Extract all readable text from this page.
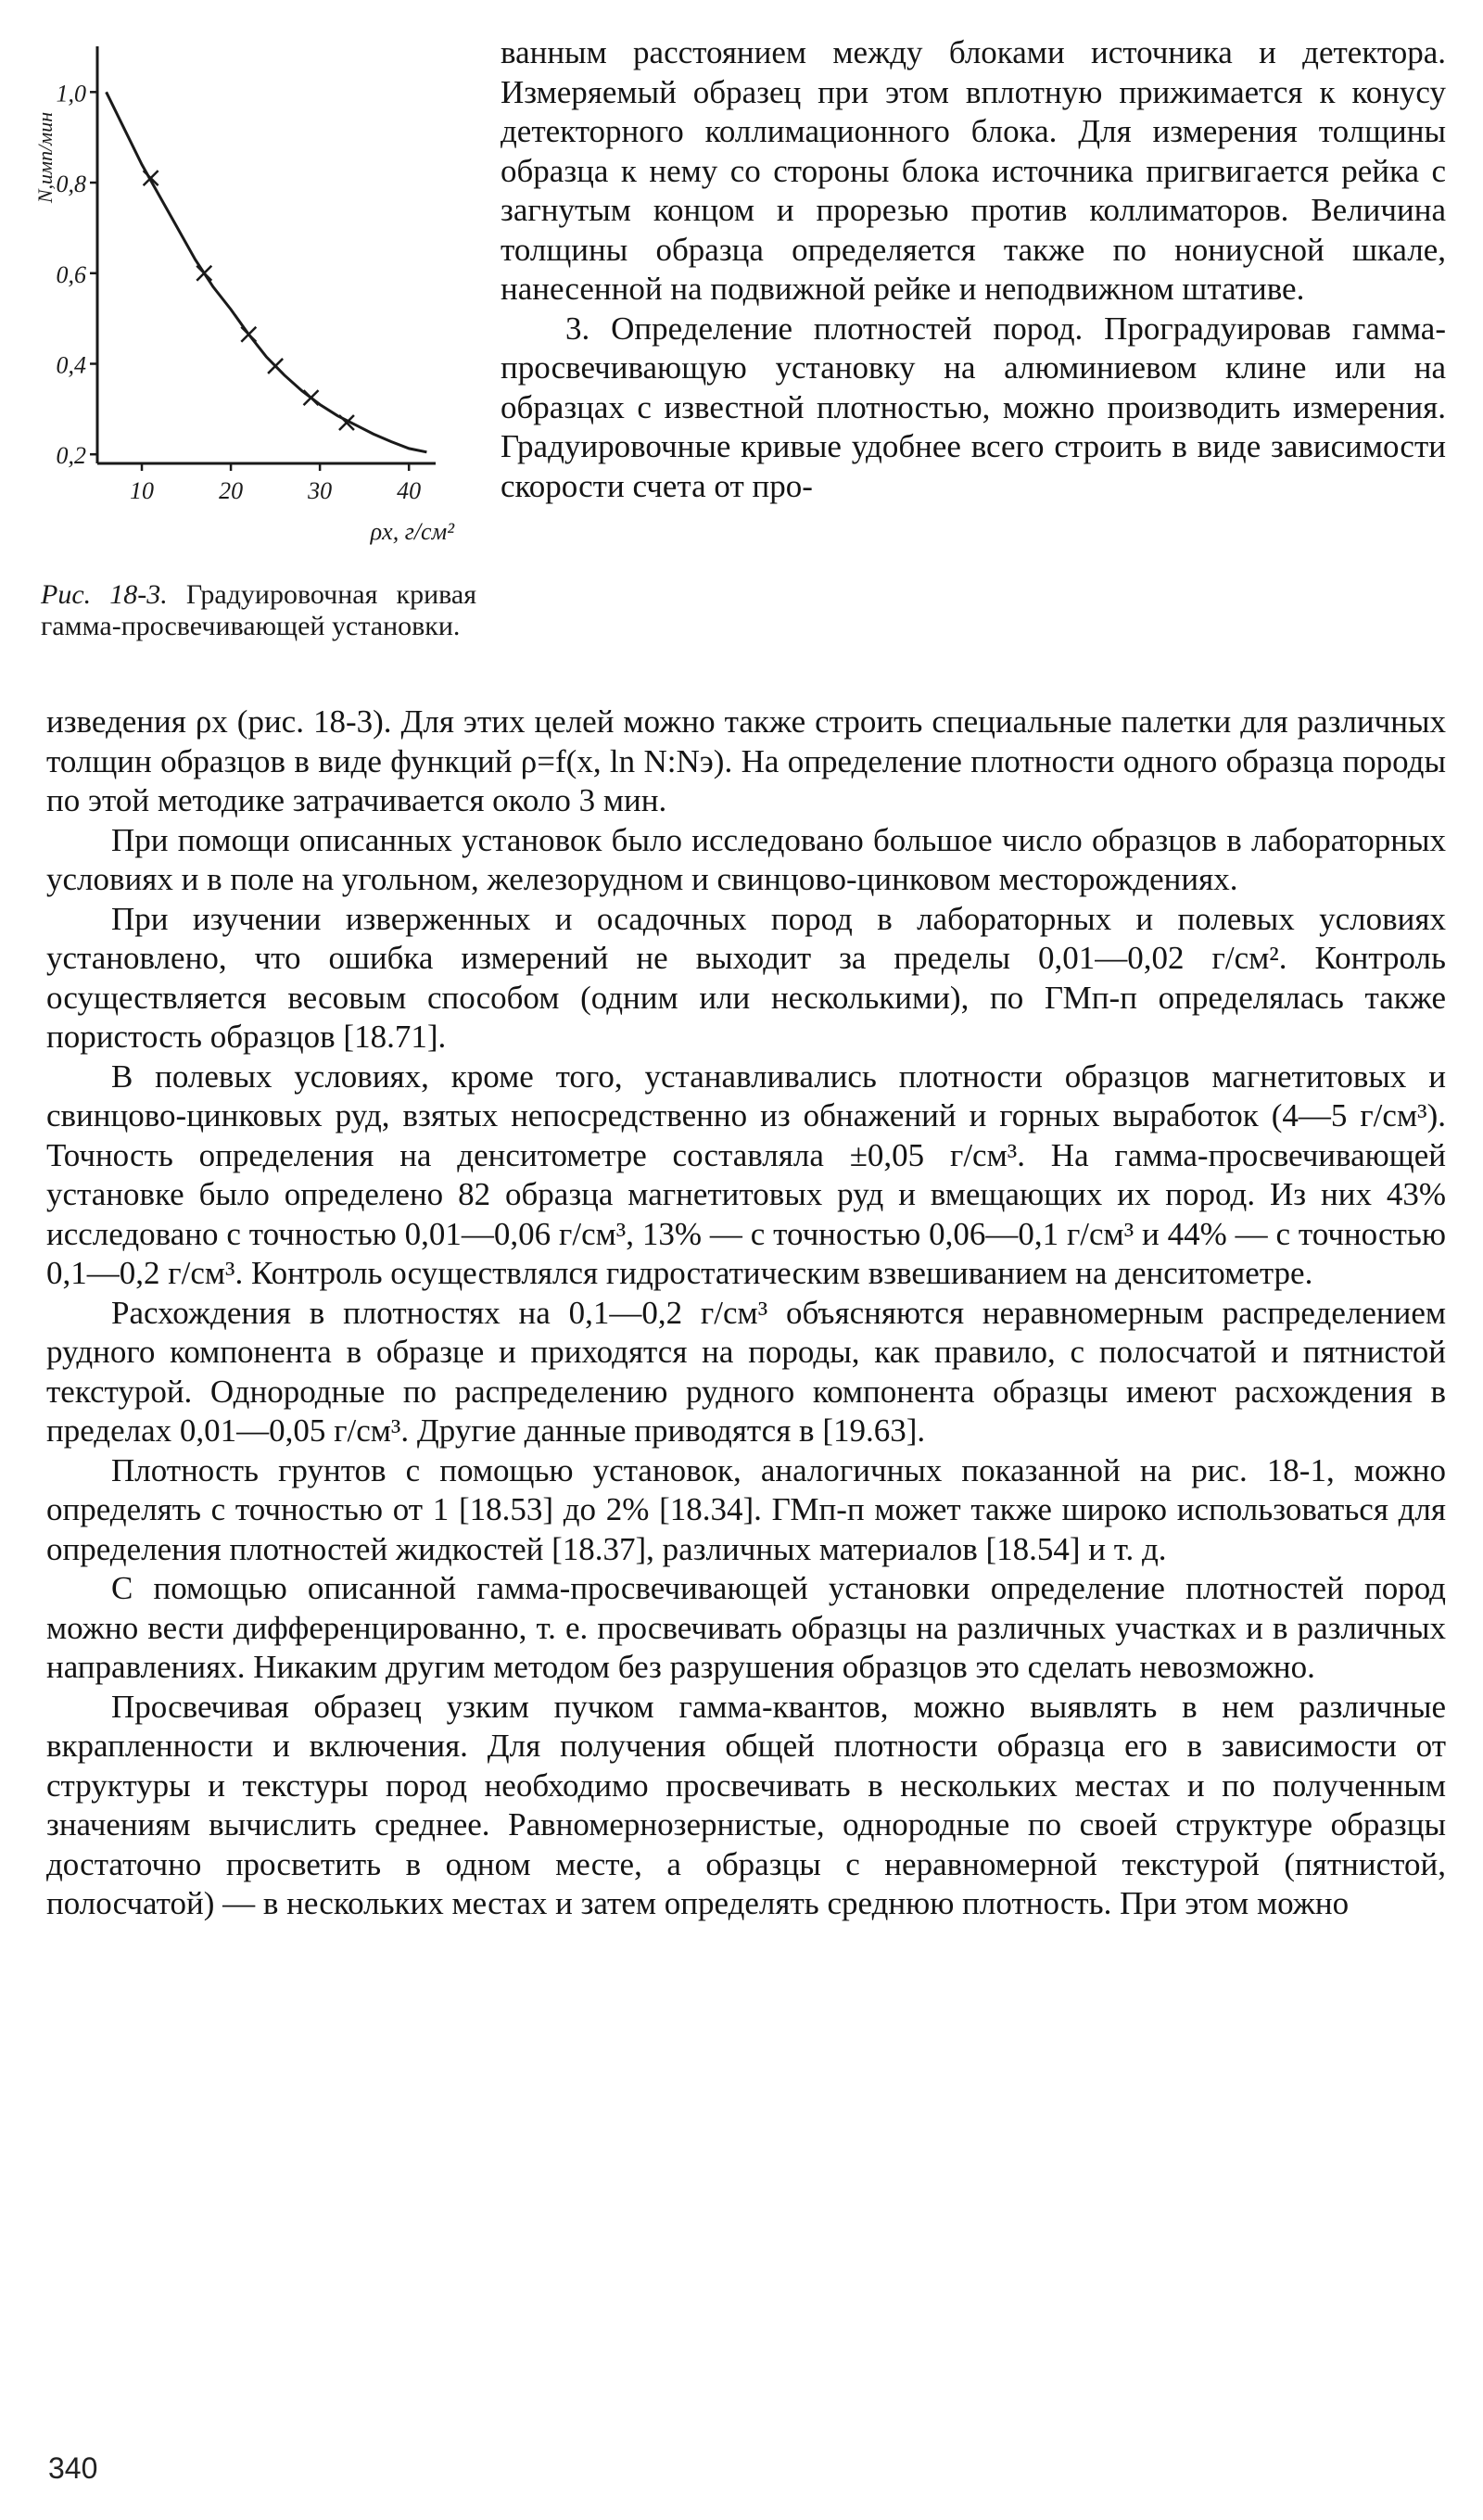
0,2
0,4
0,6
0,8
1,0
10	20	30	40
ρx, г/см²
N,имп/мин
Рис. 18-3. Градуировочная кривая гамма-просвечивающей установки.

ванным расстоянием между блоками источника и детектора. Измеряемый образец при этом вплотную прижимается к конусу детекторного коллимационного блока. Для измерения толщины образца к нему со стороны блока источника пригвигается рейка с загнутым концом и прорезью против коллиматоров. Величина толщины образца определяется также по нониусной шкале, нанесенной на подвижной рейке и неподвижном штативе.

3. Определение плотностей пород. Проградуировав гамма-просвечивающую установку на алюминиевом клине или на образцах с известной плотностью, можно производить измерения. Градуировочные кривые удобнее всего строить в виде зависимости скорости счета от про-

изведения ρx (рис. 18-3). Для этих целей можно также строить специальные палетки для различных толщин образцов в виде функций ρ=f(x, ln N:Nэ). На определение плотности одного образца породы по этой методике затрачивается около 3 мин.

При помощи описанных установок было исследовано большое число образцов в лабораторных условиях и в поле на угольном, железорудном и свинцово-цинковом месторождениях.

При изучении изверженных и осадочных пород в лабораторных и полевых условиях установлено, что ошибка измерений не выходит за пределы 0,01—0,02 г/см². Контроль осуществляется весовым способом (одним или несколькими), по ГМп-п определялась также пористость образцов [18.71].

В полевых условиях, кроме того, устанавливались плотности образцов магнетитовых и свинцово-цинковых руд, взятых непосредственно из обнажений и горных выработок (4—5 г/см³). Точность определения на денситометре составляла ±0,05 г/см³. На гамма-просвечивающей установке было определено 82 образца магнетитовых руд и вмещающих их пород. Из них 43% исследовано с точностью 0,01—0,06 г/см³, 13% — с точностью 0,06—0,1 г/см³ и 44% — с точностью 0,1—0,2 г/см³. Контроль осуществлялся гидростатическим взвешиванием на денситометре.

Расхождения в плотностях на 0,1—0,2 г/см³ объясняются неравномерным распределением рудного компонента в образце и приходятся на породы, как правило, с полосчатой и пятнистой текстурой. Однородные по распределению рудного компонента образцы имеют расхождения в пределах 0,01—0,05 г/см³. Другие данные приводятся в [19.63].

Плотность грунтов с помощью установок, аналогичных показанной на рис. 18-1, можно определять с точностью от 1 [18.53] до 2% [18.34]. ГМп-п может также широко использоваться для определения плотностей жидкостей [18.37], различных материалов [18.54] и т. д.

С помощью описанной гамма-просвечивающей установки определение плотностей пород можно вести дифференцированно, т. е. просвечивать образцы на различных участках и в различных направлениях. Никаким другим методом без разрушения образцов это сделать невозможно.

Просвечивая образец узким пучком гамма-квантов, можно выявлять в нем различные вкрапленности и включения. Для получения общей плотности образца его в зависимости от структуры и текстуры пород необходимо просвечивать в нескольких местах и по полученным значениям вычислить среднее. Равномернозернистые, однородные по своей структуре образцы достаточно просветить в одном месте, а образцы с неравномерной текстурой (пятнистой, полосчатой) — в нескольких местах и затем определять среднюю плотность. При этом можно

340
